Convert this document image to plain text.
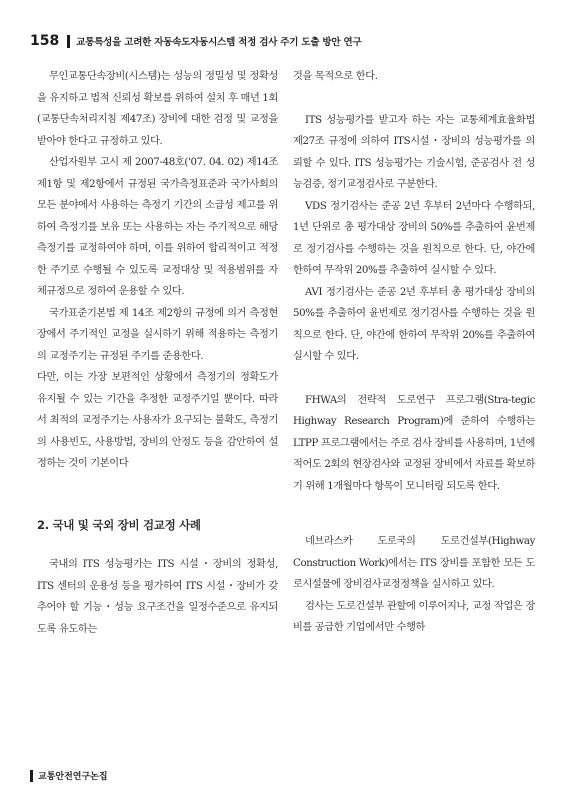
158 교통특성을 고려한 자동속도자동시스템 적정 검사 주기 도출 방안 연구

무인교통단속장비(시스템)는 성능의 정밀성 및 정확성을 유지하고 법적 신뢰성 확보를 위하여 설치 후 매년 1회(교통단속처리지침 제47조) 장비에 대한 검정 및 교정을 받아야 한다고 규정하고 있다.

산업자원부 고시 제 2007-48호('07. 04. 02) 제14조 제1항 및 제2항에서 규정된 국가측정표준과 국가사회의 모든 분야에서 사용하는 측정기 기간의 소급성 제고를 위하여 측정기를 보유 또는 사용하는 자는 주기적으로 해당 측정기를 교정하여야 하며, 이를 위하여 합리적이고 적정한 주기로 수행될 수 있도록 교정대상 및 적용범위를 자체규정으로 정하여 운용할 수 있다.

국가표준기본법 제 14조 제2항의 규정에 의거 측정현장에서 주기적인 교정을 실시하기 위해 적용하는 측정기의 교정주기는 규정된 주기를 준용한다.

다만, 이는 가장 보편적인 상황에서 측정기의 정확도가 유지될 수 있는 기간을 추정한 교정주기일 뿐이다. 따라서 최적의 교정주기는 사용자가 요구되는 불확도, 측정기의 사용빈도, 사용방법, 장비의 안정도 등을 감안하여 설정하는 것이 기본이다

2. 국내 및 국외 장비 검교정 사례

국내의 ITS 성능평가는 ITS 시설・장비의 정확성, ITS 센터의 운용성 등을 평가하여 ITS 시설・장비가 갖추어야 할 기능・성능 요구조건을 일정수준으로 유지되도록 유도하는

것을 목적으로 한다.

ITS 성능평가를 받고자 하는 자는 교통체계효율화법 제27조 규정에 의하여 ITS시설・장비의 성능평가를 의뢰할 수 있다. ITS 성능평가는 기술시험, 준공검사 전 성능검증, 정기교정검사로 구분한다.

VDS 정기검사는 준공 2년 후부터 2년마다 수행하되, 1년 단위로 총 평가대상 장비의 50%를 추출하여 윤번제로 정기검사를 수행하는 것을 원칙으로 한다. 단, 야간에 한하여 무작위 20%를 추출하여 실시할 수 있다.

AVI 정기검사는 준공 2년 후부터 총 평가대상 장비의 50%를 추출하여 윤번제로 정기검사를 수행하는 것을 원칙으로 한다. 단, 야간에 한하여 무작위 20%를 추출하여 실시할 수 있다.

FHWA의 전략적 도로연구 프로그램(Stra-tegic Highway Research Program)에 준하여 수행하는 LTPP 프로그램에서는 주로 검사 장비를 사용하며, 1년에 적어도 2회의 현장검사와 교정된 장비에서 자료를 확보하기 위해 1개월마다 항목이 모니터링 되도록 한다.

네브라스카 도로국의 도로건설부(Highway Construction Work)에서는 ITS 장비를 포함한 모든 도로시설물에 장비검사교정정책을 실시하고 있다.

검사는 도로건설부 관할에 이루어지나, 교정 작업은 장비를 공급한 기업에서만 수행하

교통안전연구논집
